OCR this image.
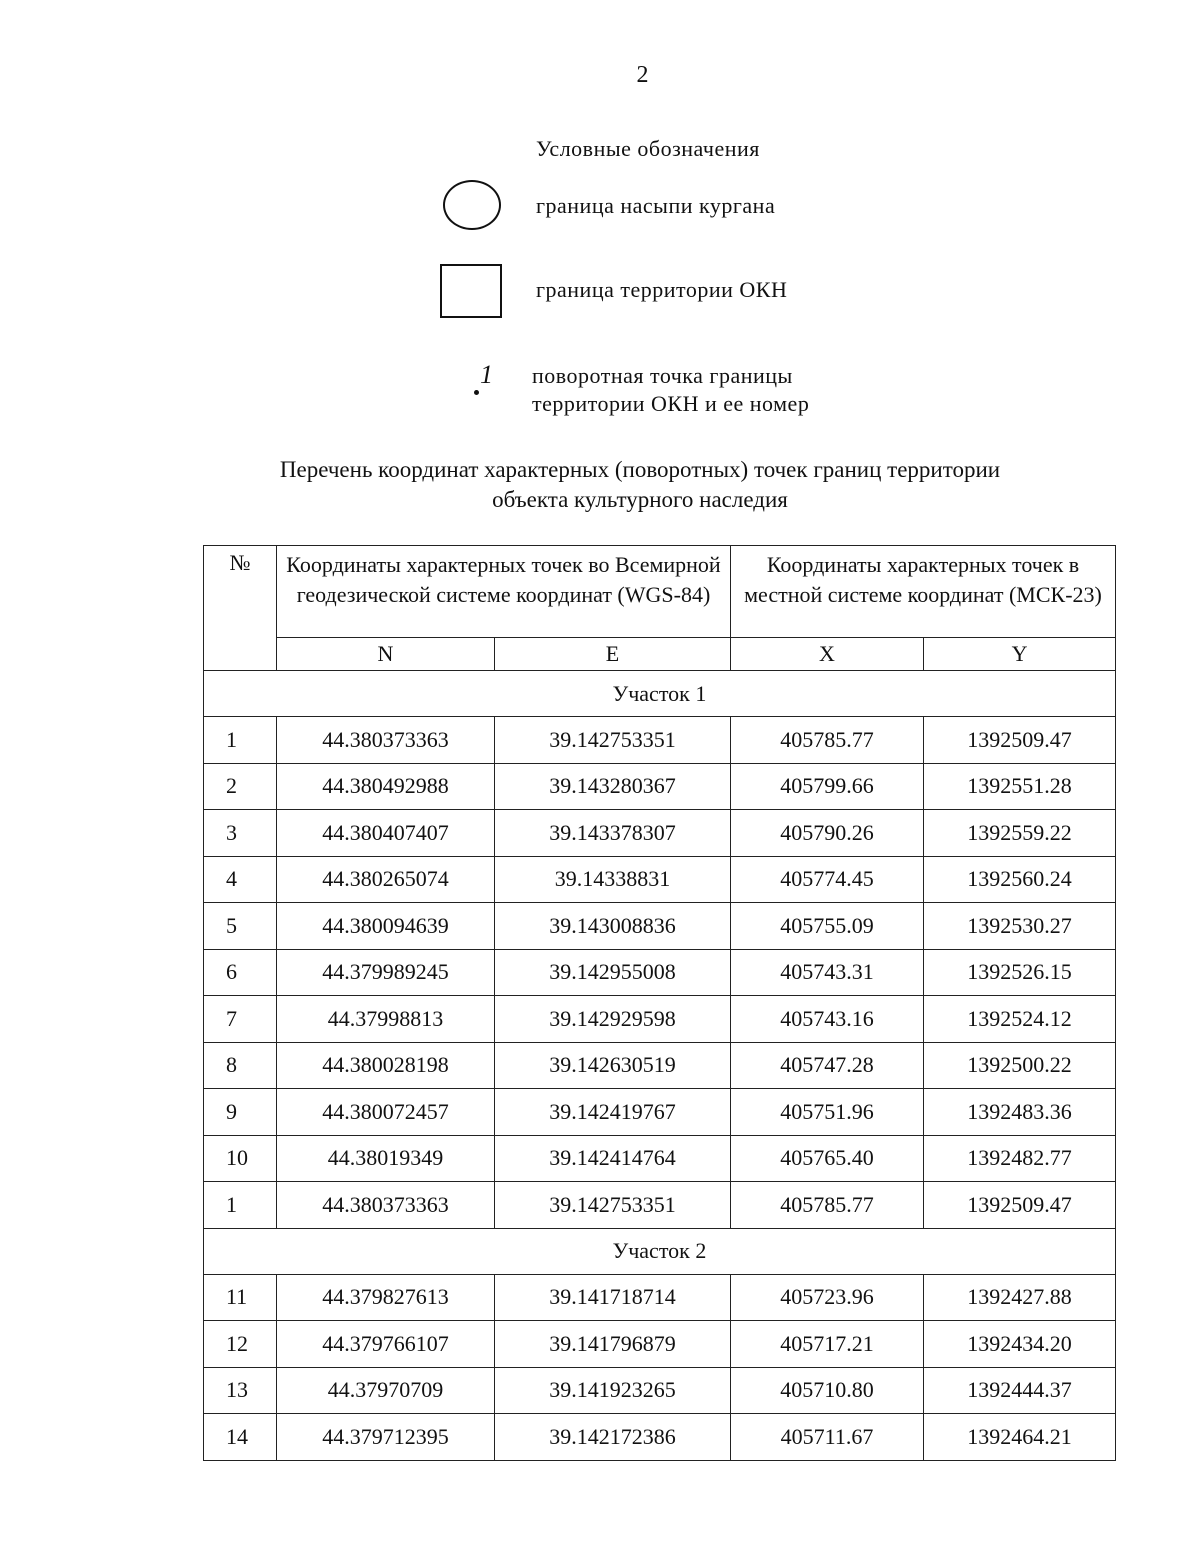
2
Условные обозначения
граница насыпи кургана
граница территории ОКН
1 поворотная точка границы
территории ОКН и ее номер
Перечень координат характерных (поворотных) точек границ территории
объекта культурного наследия
№	Координаты характерных точек во Всемирной геодезической системе координат (WGS-84)		Координаты характерных точек в местной системе координат (МСК-23)	
	N	E	X	Y
Участок 1				
1	44.380373363	39.142753351	405785.77	1392509.47
2	44.380492988	39.143280367	405799.66	1392551.28
3	44.380407407	39.143378307	405790.26	1392559.22
4	44.380265074	39.14338831	405774.45	1392560.24
5	44.380094639	39.143008836	405755.09	1392530.27
6	44.379989245	39.142955008	405743.31	1392526.15
7	44.37998813	39.142929598	405743.16	1392524.12
8	44.380028198	39.142630519	405747.28	1392500.22
9	44.380072457	39.142419767	405751.96	1392483.36
10	44.38019349	39.142414764	405765.40	1392482.77
1	44.380373363	39.142753351	405785.77	1392509.47
Участок 2				
11	44.379827613	39.141718714	405723.96	1392427.88
12	44.379766107	39.141796879	405717.21	1392434.20
13	44.37970709	39.141923265	405710.80	1392444.37
14	44.379712395	39.142172386	405711.67	1392464.21
